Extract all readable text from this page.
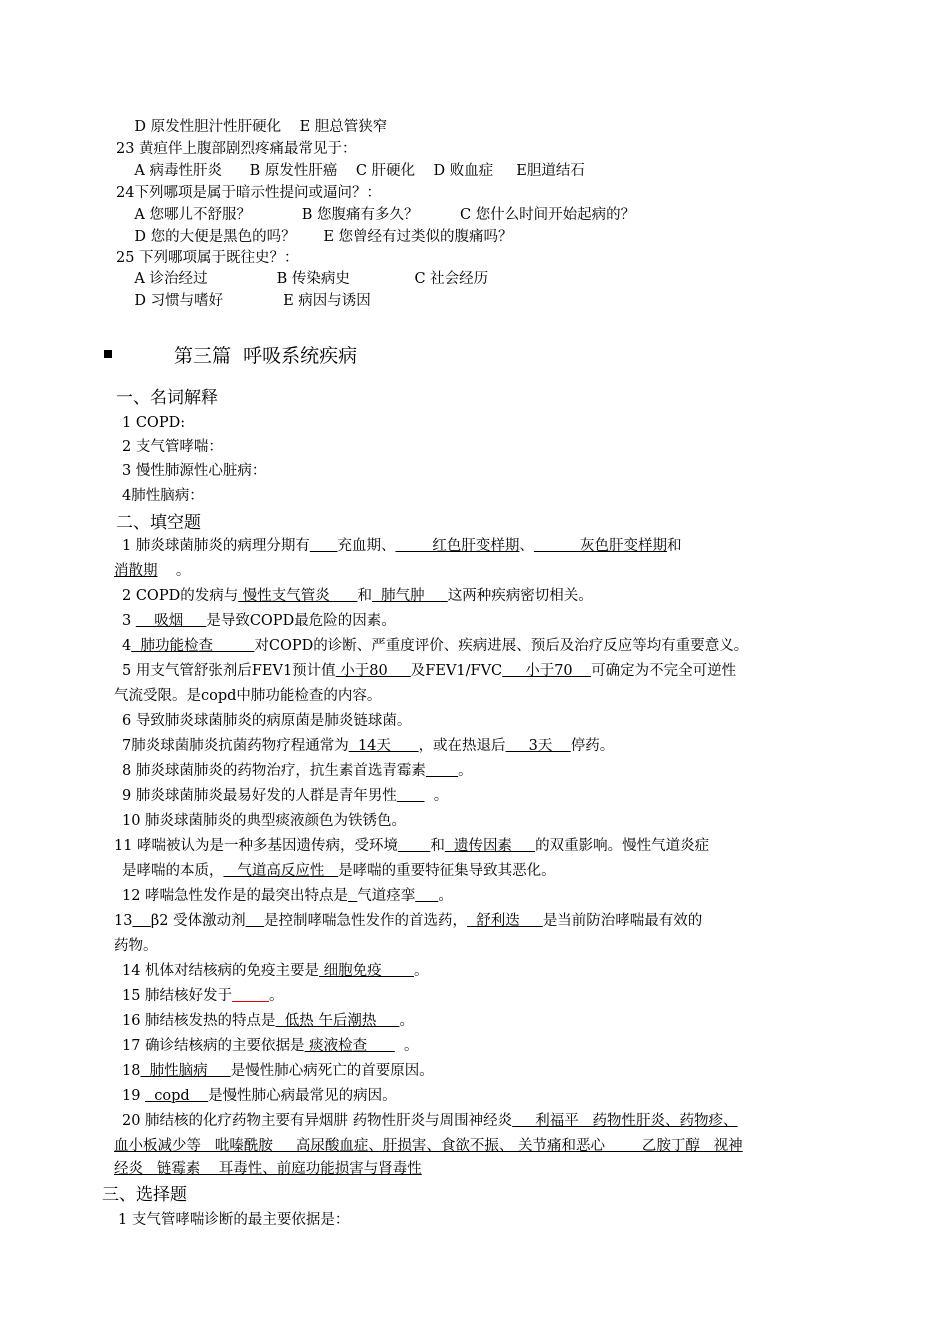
D 原发性胆汁性肝硬化    E 胆总管狭窄
23 黄疸伴上腹部剧烈疼痛最常见于：
A 病毒性肝炎      B 原发性肝癌    C 肝硬化    D 败血症     E胆道结石
24下列哪项是属于暗示性提问或逼问？：
A 您哪儿不舒服？           B 您腹痛有多久？         C 您什么时间开始起病的？
D 您的大便是黑色的吗？      E 您曾经有过类似的腹痛吗？
25 下列哪项属于既往史？：
A 诊治经过               B 传染病史              C 社会经历
D 习惯与嗜好             E 病因与诱因
第三篇  呼吸系统疾病
一、名词解释
1 COPD:
2 支气管哮喘：
3 慢性肺源性心脏病：
4肺性脑病：
二、填空题
1 肺炎球菌肺炎的病理分期有 充血期、        红色肝变样期、          灰色肝变样期和
消散期    。
2 COPD的发病与 慢性支气管炎      和  肺气肿     这两种疾病密切相关。
3     吸烟     是导致COPD最危险的因素。
4  肺功能检查         对COPD的诊断、严重度评价、疾病进展、预后及治疗反应等均有重要意义。
5 用支气管舒张剂后FEV1预计值 小于80     及FEV1/FVC     小于70    可确定为不完全可逆性
气流受限。是copd中肺功能检查的内容。
6 导致肺炎球菌肺炎的病原菌是肺炎链球菌。
7肺炎球菌肺炎抗菌药物疗程通常为  14天      ，或在热退后     3天    停药。
8 肺炎球菌肺炎的药物治疗，抗生素首选青霉素 。
9 肺炎球菌肺炎最易好发的人群是青年男性        。
10 肺炎球菌肺炎的典型痰液颜色为铁锈色。
11 哮喘被认为是一种多基因遗传病，受环境 和  遗传因素     的双重影响。慢性气道炎症
是哮喘的本质，   气道高反应性   是哮喘的重要特征集导致其恶化。
12 哮喘急性发作是的最突出特点是 气道痉挛 。
13 β2 受体激动剂 是控制哮喘急性发作的首选药，  舒利迭     是当前防治哮喘最有效的
药物。
14 机体对结核病的免疫主要是 细胞免疫       。
15 肺结核好发于	。
16 肺结核发热的特点是  低热 午后潮热     。
17 确诊结核病的主要依据是 痰液检查        。
18  肺性脑病     是慢性肺心病死亡的首要原因。
19   copd    是慢性肺心病最常见的病因。
20 肺结核的化疗药物主要有异烟肼 药物性肝炎与周围神经炎     利福平   药物性肝炎、药物疹、
血小板减少等   吡嗪酰胺     高尿酸血症、肝损害、食欲不振、 关节痛和恶心        乙胺丁醇   视神
经炎   链霉素    耳毒性、前庭功能损害与肾毒性
三、选择题
1 支气管哮喘诊断的最主要依据是：
